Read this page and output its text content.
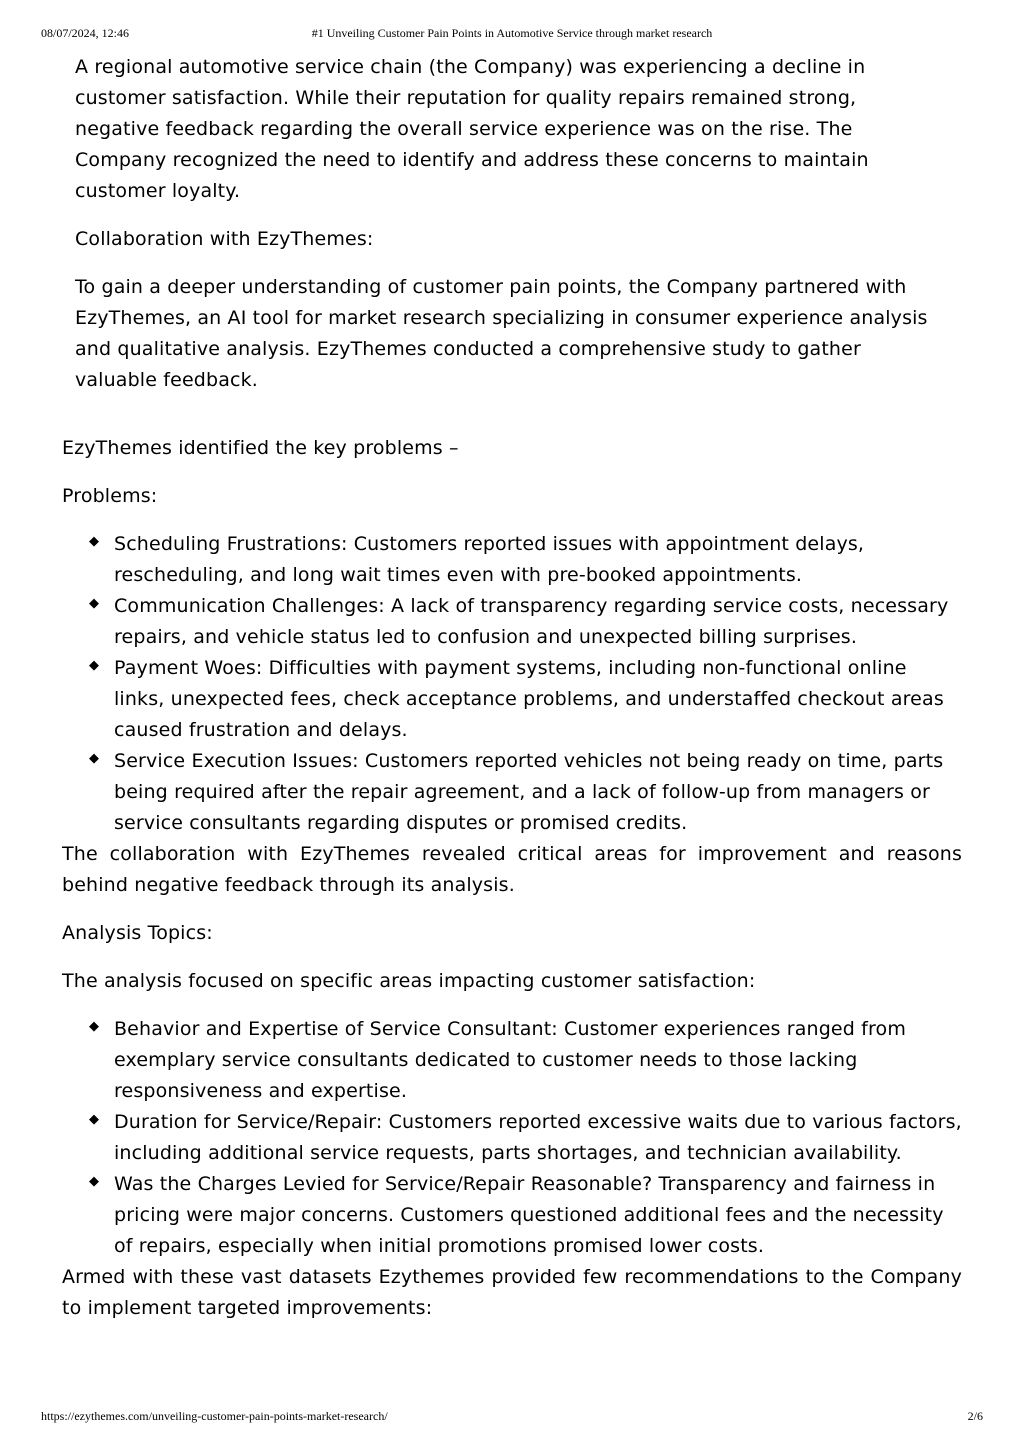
08/07/2024, 12:46	#1 Unveiling Customer Pain Points in Automotive Service through market research

A regional automotive service chain (the Company) was experiencing a decline in customer satisfaction. While their reputation for quality repairs remained strong, negative feedback regarding the overall service experience was on the rise. The Company recognized the need to identify and address these concerns to maintain customer loyalty.

Collaboration with EzyThemes:

To gain a deeper understanding of customer pain points, the Company partnered with EzyThemes, an AI tool for market research specializing in consumer experience analysis and qualitative analysis. EzyThemes conducted a comprehensive study to gather valuable feedback.

EzyThemes identified the key problems –

Problems:

◆ Scheduling Frustrations: Customers reported issues with appointment delays, rescheduling, and long wait times even with pre-booked appointments.
◆ Communication Challenges: A lack of transparency regarding service costs, necessary repairs, and vehicle status led to confusion and unexpected billing surprises.
◆ Payment Woes: Difficulties with payment systems, including non-functional online links, unexpected fees, check acceptance problems, and understaffed checkout areas caused frustration and delays.
◆ Service Execution Issues: Customers reported vehicles not being ready on time, parts being required after the repair agreement, and a lack of follow-up from managers or service consultants regarding disputes or promised credits.

The collaboration with EzyThemes revealed critical areas for improvement and reasons behind negative feedback through its analysis.

Analysis Topics:

The analysis focused on specific areas impacting customer satisfaction:

◆ Behavior and Expertise of Service Consultant: Customer experiences ranged from exemplary service consultants dedicated to customer needs to those lacking responsiveness and expertise.
◆ Duration for Service/Repair: Customers reported excessive waits due to various factors, including additional service requests, parts shortages, and technician availability.
◆ Was the Charges Levied for Service/Repair Reasonable? Transparency and fairness in pricing were major concerns. Customers questioned additional fees and the necessity of repairs, especially when initial promotions promised lower costs.

Armed with these vast datasets Ezythemes provided few recommendations to the Company to implement targeted improvements:

https://ezythemes.com/unveiling-customer-pain-points-market-research/	2/6
